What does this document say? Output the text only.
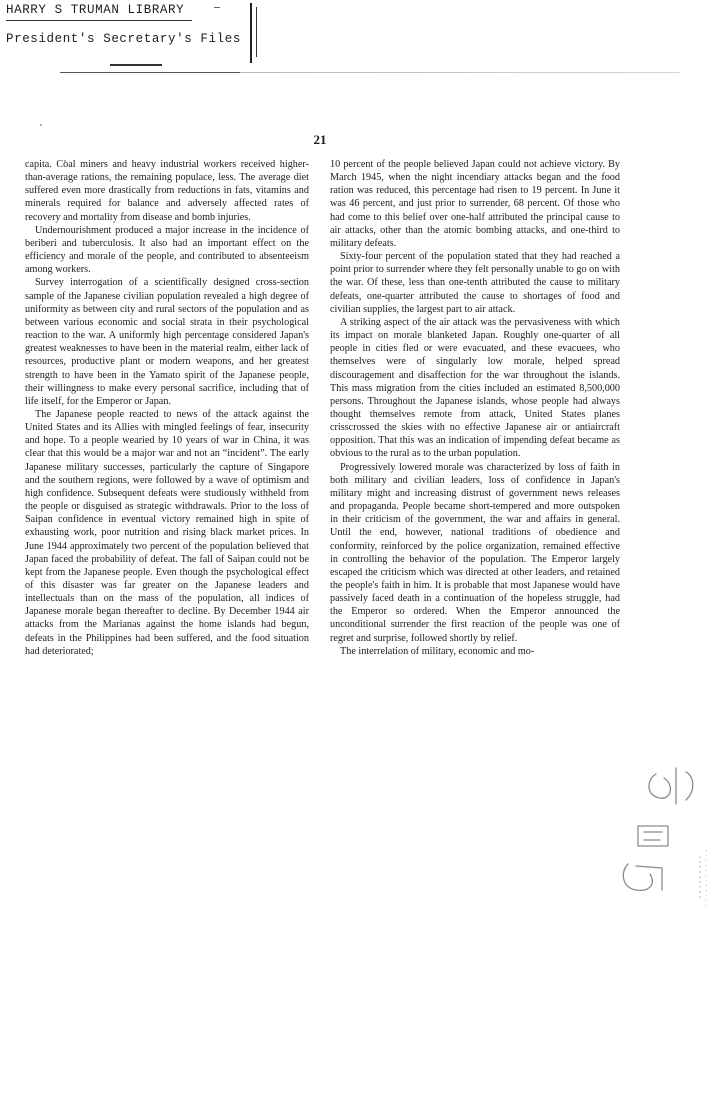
HARRY S TRUMAN LIBRARY
President's Secretary's Files
21

capita. Coal miners and heavy industrial workers received higher-than-average rations, the remaining populace, less. The average diet suffered even more drastically from reductions in fats, vitamins and minerals required for balance and adversely affected rates of recovery and mortality from disease and bomb injuries.

Undernourishment produced a major increase in the incidence of beriberi and tuberculosis. It also had an important effect on the efficiency and morale of the people, and contributed to absenteeism among workers.

Survey interrogation of a scientifically designed cross-section sample of the Japanese civilian population revealed a high degree of uniformity as between city and rural sectors of the population and as between various economic and social strata in their psychological reaction to the war. A uniformly high percentage considered Japan's greatest weaknesses to have been in the material realm, either lack of resources, productive plant or modern weapons, and her greatest strength to have been in the Yamato spirit of the Japanese people, their willingness to make every personal sacrifice, including that of life itself, for the Emperor or Japan.

The Japanese people reacted to news of the attack against the United States and its Allies with mingled feelings of fear, insecurity and hope. To a people wearied by 10 years of war in China, it was clear that this would be a major war and not an “incident”. The early Japanese military successes, particularly the capture of Singapore and the southern regions, were followed by a wave of optimism and high confidence. Subsequent defeats were studiously withheld from the people or disguised as strategic withdrawals. Prior to the loss of Saipan confidence in eventual victory remained high in spite of exhausting work, poor nutrition and rising black market prices. In June 1944 approximately two percent of the population believed that Japan faced the probability of defeat. The fall of Saipan could not be kept from the Japanese people. Even though the psychological effect of this disaster was far greater on the Japanese leaders and intellectuals than on the mass of the population, all indices of Japanese morale began thereafter to decline. By December 1944 air attacks from the Marianas against the home islands had begun, defeats in the Philippines had been suffered, and the food situation had deteriorated;

10 percent of the people believed Japan could not achieve victory. By March 1945, when the night incendiary attacks began and the food ration was reduced, this percentage had risen to 19 percent. In June it was 46 percent, and just prior to surrender, 68 percent. Of those who had come to this belief over one-half attributed the principal cause to air attacks, other than the atomic bombing attacks, and one-third to military defeats.

Sixty-four percent of the population stated that they had reached a point prior to surrender where they felt personally unable to go on with the war. Of these, less than one-tenth attributed the cause to military defeats, one-quarter attributed the cause to shortages of food and civilian supplies, the largest part to air attack.

A striking aspect of the air attack was the pervasiveness with which its impact on morale blanketed Japan. Roughly one-quarter of all people in cities fled or were evacuated, and these evacuees, who themselves were of singularly low morale, helped spread discouragement and disaffection for the war throughout the islands. This mass migration from the cities included an estimated 8,500,000 persons. Throughout the Japanese islands, whose people had always thought themselves remote from attack, United States planes crisscrossed the skies with no effective Japanese air or antiaircraft opposition. That this was an indication of impending defeat became as obvious to the rural as to the urban population.

Progressively lowered morale was characterized by loss of faith in both military and civilian leaders, loss of confidence in Japan's military might and increasing distrust of government news releases and propaganda. People became short-tempered and more outspoken in their criticism of the government, the war and affairs in general. Until the end, however, national traditions of obedience and conformity, reinforced by the police organization, remained effective in controlling the behavior of the population. The Emperor largely escaped the criticism which was directed at other leaders, and retained the people's faith in him. It is probable that most Japanese would have passively faced death in a continuation of the hopeless struggle, had the Emperor so ordered. When the Emperor announced the unconditional surrender the first reaction of the people was one of regret and surprise, followed shortly by relief.

The interrelation of military, economic and mo-
